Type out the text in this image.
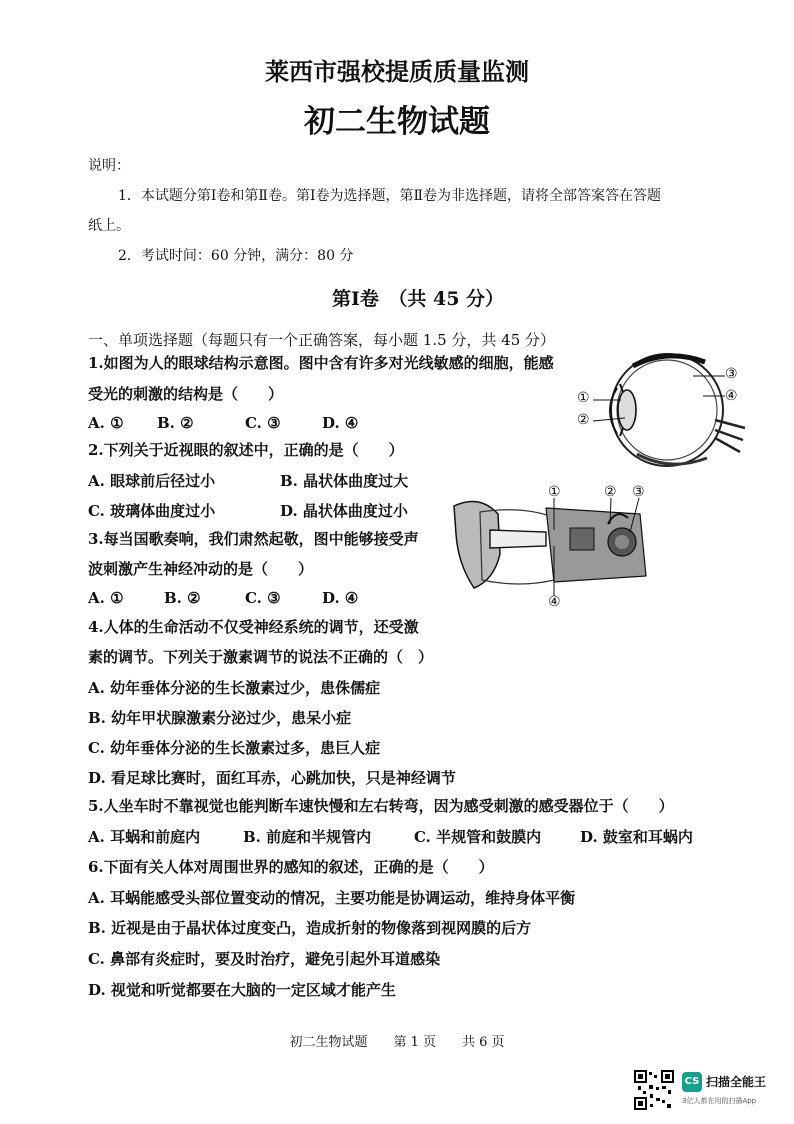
莱西市强校提质质量监测
初二生物试题
说明：
1．本试题分第Ⅰ卷和第Ⅱ卷。第Ⅰ卷为选择题，第Ⅱ卷为非选择题，请将全部答案答在答题
纸上。
2．考试时间：60 分钟，满分：80 分
第Ⅰ卷　（共 45 分）
一、单项选择题（每题只有一个正确答案，每小题 1.5 分，共 45 分）
1.如图为人的眼球结构示意图。图中含有许多对光线敏感的细胞，能感
受光的刺激的结构是（　　）
A. ① B. ②	C. ③	D. ④
①
②
③
④
2.下列关于近视眼的叙述中，正确的是（　　）
A. 眼球前后径过小	B. 晶状体曲度过大
C. 玻璃体曲度过小	D. 晶状体曲度过小
①	② ③
④
3.每当国歌奏响，我们肃然起敬，图中能够接受声
波刺激产生神经冲动的是（　　）
A. ①	B. ②	C. ③	D. ④
4.人体的生命活动不仅受神经系统的调节，还受激
素的调节。下列关于激素调节的说法不正确的（　）
A. 幼年垂体分泌的生长激素过少，患侏儒症
B. 幼年甲状腺激素分泌过少，患呆小症
C. 幼年垂体分泌的生长激素过多，患巨人症
D. 看足球比赛时，面红耳赤，心跳加快，只是神经调节
5.人坐车时不靠视觉也能判断车速快慢和左右转弯，因为感受刺激的感受器位于（　　）
A. 耳蜗和前庭内	B. 前庭和半规管内	C. 半规管和鼓膜内	D. 鼓室和耳蜗内
6.下面有关人体对周围世界的感知的叙述，正确的是（　　）
A. 耳蜗能感受头部位置变动的情况，主要功能是协调运动，维持身体平衡
B. 近视是由于晶状体过度变凸，造成折射的物像落到视网膜的后方
C. 鼻部有炎症时，要及时治疗，避免引起外耳道感染
D. 视觉和听觉都要在大脑的一定区域才能产生
初二生物试题　　第 1 页　　共 6 页
CS 扫描全能王
3亿人都在用的扫描App
